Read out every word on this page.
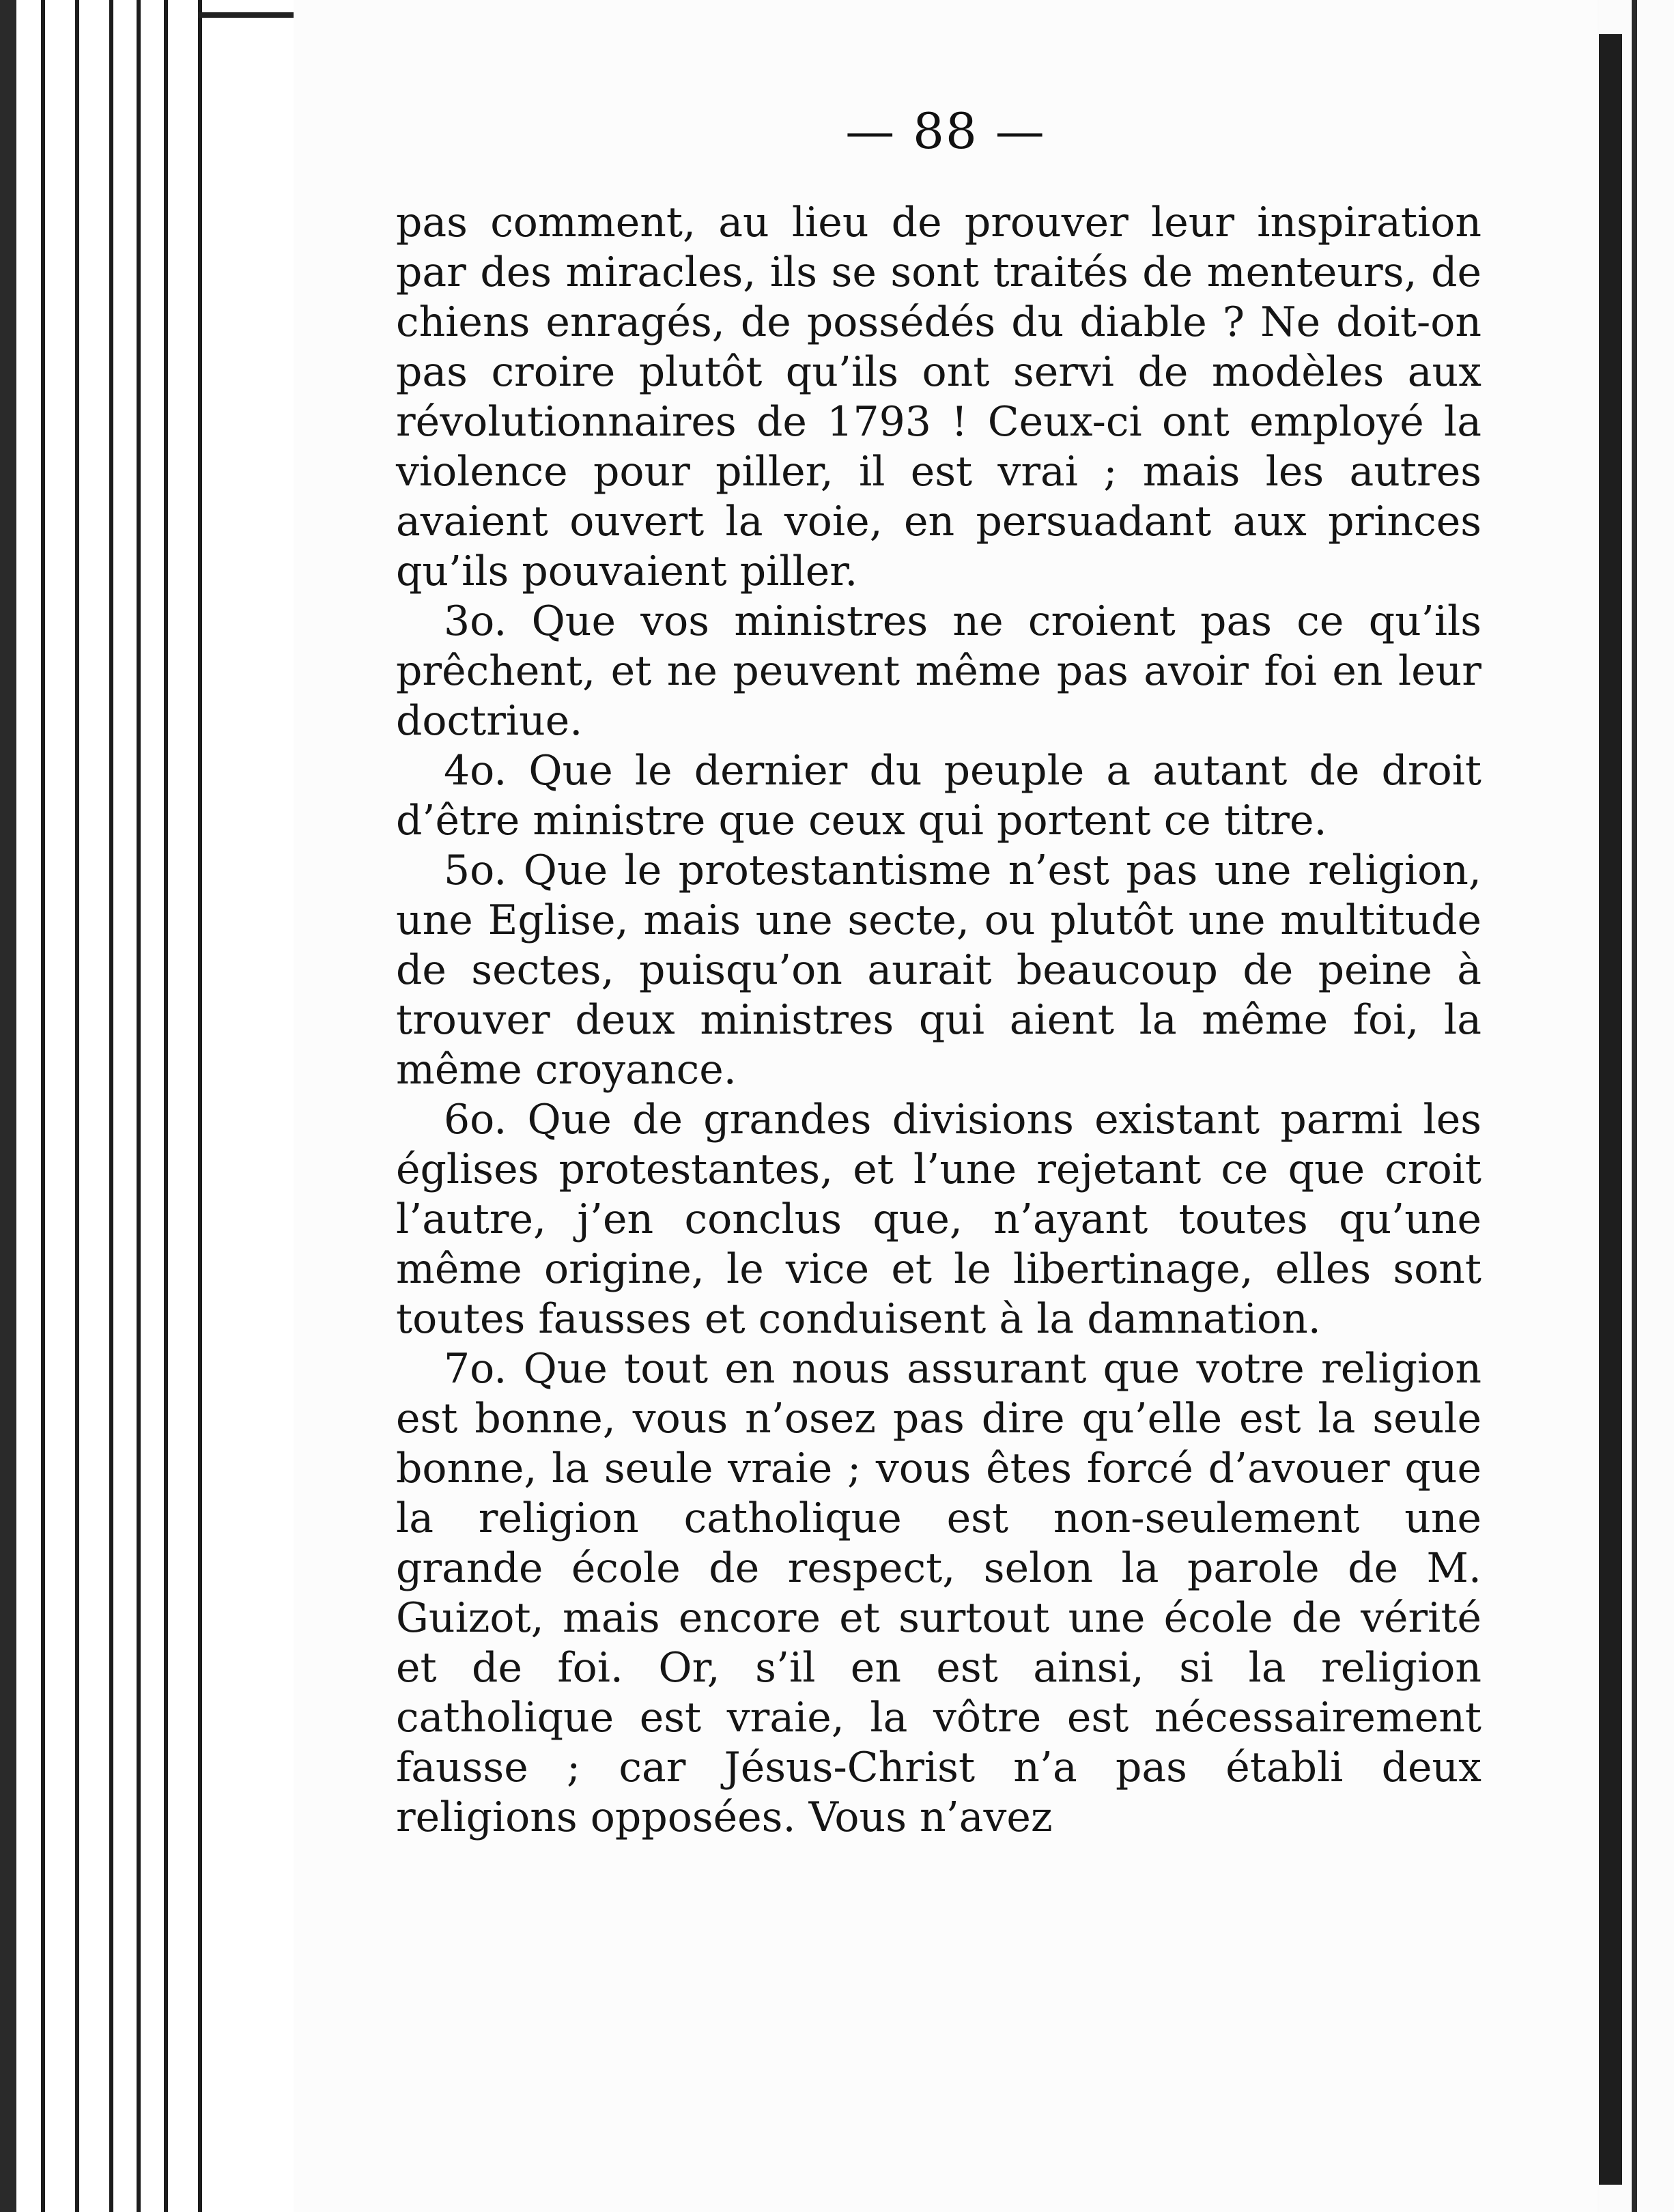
— 88 —

pas comment, au lieu de prouver leur inspiration par des miracles, ils se sont traités de menteurs, de chiens enragés, de possédés du diable ? Ne doit-on pas croire plutôt qu’ils ont servi de modèles aux révolutionnaires de 1793 ! Ceux-ci ont employé la violence pour piller, il est vrai ; mais les autres avaient ouvert la voie, en persuadant aux princes qu’ils pouvaient piller.

3o. Que vos ministres ne croient pas ce qu’ils prêchent, et ne peuvent même pas avoir foi en leur doctriue.

4o. Que le dernier du peuple a autant de droit d’être ministre que ceux qui portent ce titre.

5o. Que le protestantisme n’est pas une religion, une Eglise, mais une secte, ou plutôt une multitude de sectes, puisqu’on aurait beaucoup de peine à trouver deux ministres qui aient la même foi, la même croyance.

6o. Que de grandes divisions existant parmi les églises protestantes, et l’une rejetant ce que croit l’autre, j’en conclus que, n’ayant toutes qu’une même origine, le vice et le libertinage, elles sont toutes fausses et conduisent à la damnation.

7o. Que tout en nous assurant que votre religion est bonne, vous n’osez pas dire qu’elle est la seule bonne, la seule vraie ; vous êtes forcé d’avouer que la religion catholique est non-seulement une grande école de respect, selon la parole de M. Guizot, mais encore et surtout une école de vérité et de foi. Or, s’il en est ainsi, si la religion catholique est vraie, la vôtre est nécessairement fausse ; car Jésus-Christ n’a pas établi deux religions opposées. Vous n’avez
